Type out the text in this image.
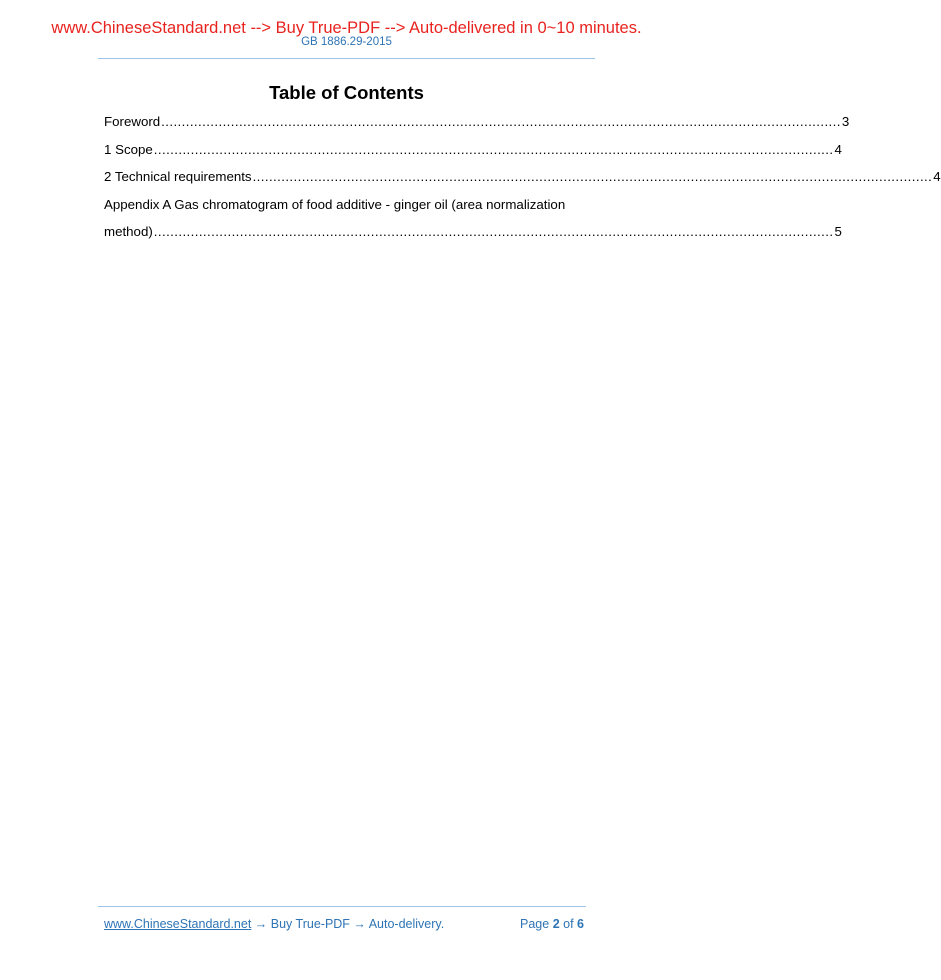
www.ChineseStandard.net --> Buy True-PDF --> Auto-delivered in 0~10 minutes.
GB 1886.29-2015
Table of Contents
Foreword ...................................................................................................................................................................... 3
1 Scope ...................................................................................................................................................................... 4
2 Technical requirements ...................................................................................................................................................................... 4
Appendix A Gas chromatogram of food additive - ginger oil (area normalization
method) ...................................................................................................................................................................... 5
www.ChineseStandard.net → Buy True-PDF → Auto-delivery.	Page 2 of 6
